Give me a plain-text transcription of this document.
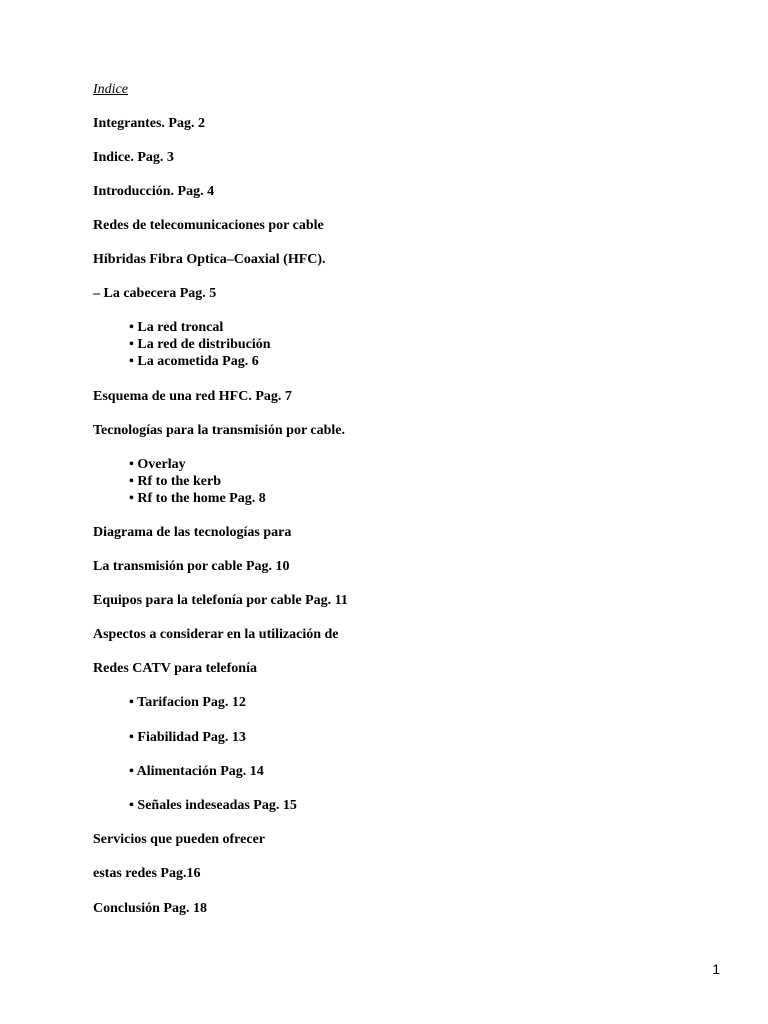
Indice
Integrantes. Pag. 2
Indice. Pag. 3
Introducción. Pag. 4
Redes de telecomunicaciones por cable
Híbridas Fibra Optica–Coaxial (HFC).
– La cabecera Pag. 5
• La red troncal
• La red de distribución
• La acometida Pag. 6
Esquema de una red HFC. Pag. 7
Tecnologías para la transmisión por cable.
• Overlay
• Rf to the kerb
• Rf to the home Pag. 8
Diagrama de las tecnologías para
La transmisión por cable Pag. 10
Equipos para la telefonía por cable Pag. 11
Aspectos a considerar en la utilización de
Redes CATV para telefonía
• Tarifacion Pag. 12
• Fiabilidad Pag. 13
• Alimentación Pag. 14
• Señales indeseadas Pag. 15
Servicios que pueden ofrecer
estas redes Pag.16
Conclusión Pag. 18
1
